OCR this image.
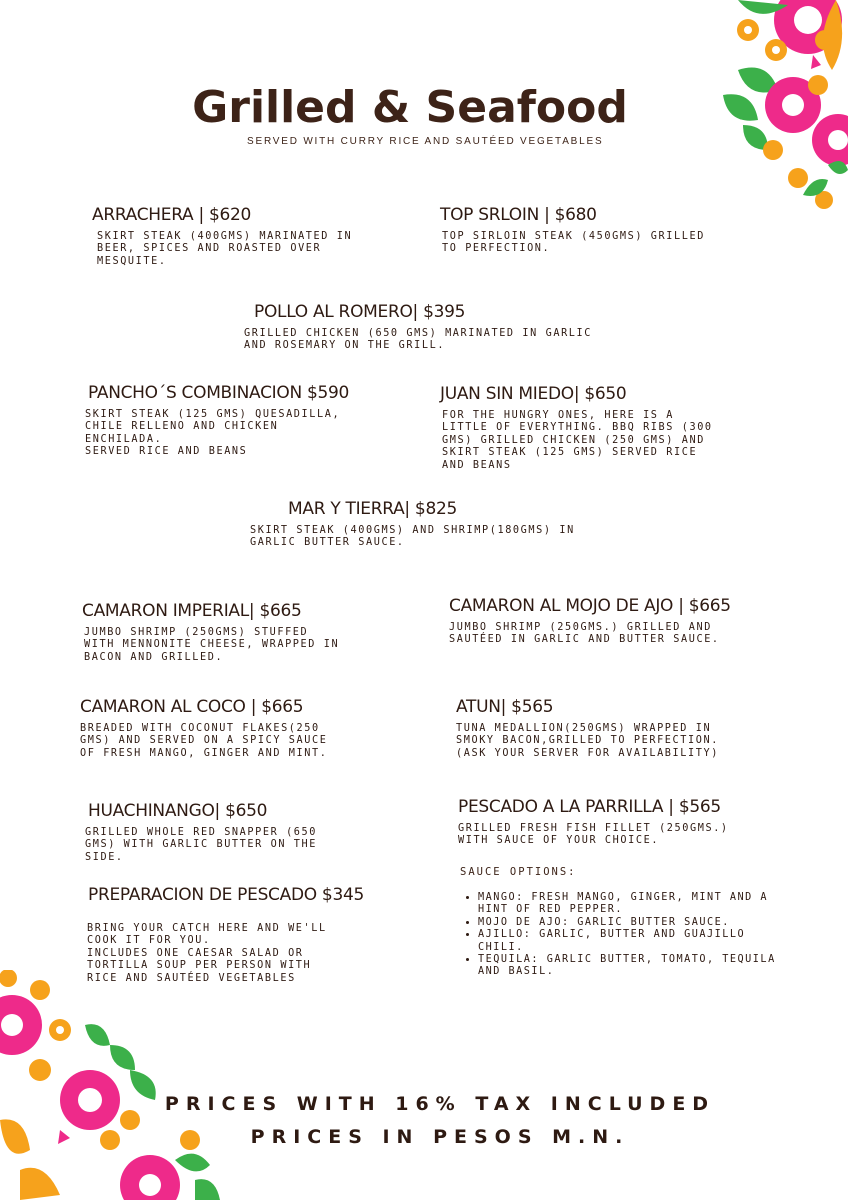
Grilled & Seafood
SERVED WITH CURRY RICE AND SAUTÉED VEGETABLES
ARRACHERA | $620
SKIRT STEAK (400GMS) MARINATED IN
BEER, SPICES AND ROASTED OVER
MESQUITE.
TOP SRLOIN | $680
TOP SIRLOIN STEAK (450GMS) GRILLED
TO PERFECTION.
POLLO AL ROMERO| $395
GRILLED CHICKEN (650 GMS) MARINATED IN GARLIC
AND ROSEMARY ON THE GRILL.
PANCHO´S COMBINACION $590
SKIRT STEAK (125 GMS) QUESADILLA,
CHILE RELLENO AND CHICKEN
ENCHILADA.
SERVED RICE AND BEANS
JUAN SIN MIEDO| $650
FOR THE HUNGRY ONES, HERE IS A
LITTLE OF EVERYTHING. BBQ RIBS (300
GMS) GRILLED CHICKEN (250 GMS) AND
SKIRT STEAK (125 GMS) SERVED RICE
AND BEANS
MAR Y TIERRA| $825
SKIRT STEAK (400GMS) AND SHRIMP(180GMS) IN
GARLIC BUTTER SAUCE.
CAMARON IMPERIAL| $665
JUMBO SHRIMP (250GMS) STUFFED
WITH MENNONITE CHEESE, WRAPPED IN
BACON AND GRILLED.
CAMARON AL MOJO DE AJO | $665
JUMBO SHRIMP (250GMS.) GRILLED AND
SAUTÉED IN GARLIC AND BUTTER SAUCE.
CAMARON AL COCO | $665
BREADED WITH COCONUT FLAKES(250
GMS) AND SERVED ON A SPICY SAUCE
OF FRESH MANGO, GINGER AND MINT.
ATUN| $565
TUNA MEDALLION(250GMS) WRAPPED IN
SMOKY BACON,GRILLED TO PERFECTION.
(ASK YOUR SERVER FOR AVAILABILITY)
HUACHINANGO| $650
GRILLED WHOLE RED SNAPPER (650
GMS) WITH GARLIC BUTTER ON THE
SIDE.
PESCADO A LA PARRILLA | $565
GRILLED FRESH FISH FILLET (250GMS.)
WITH SAUCE OF YOUR CHOICE.
PREPARACION DE PESCADO $345
BRING YOUR CATCH HERE AND WE'LL
COOK IT FOR YOU.
INCLUDES ONE CAESAR SALAD OR
TORTILLA SOUP PER PERSON WITH
RICE AND SAUTÉED VEGETABLES
SAUCE OPTIONS:
• MANGO: FRESH MANGO, GINGER, MINT AND A HINT OF RED PEPPER.
• MOJO DE AJO: GARLIC BUTTER SAUCE.
• AJILLO: GARLIC, BUTTER AND GUAJILLO CHILI.
• TEQUILA: GARLIC BUTTER, TOMATO, TEQUILA AND BASIL.
PRICES WITH 16% TAX INCLUDED
PRICES IN PESOS M.N.
